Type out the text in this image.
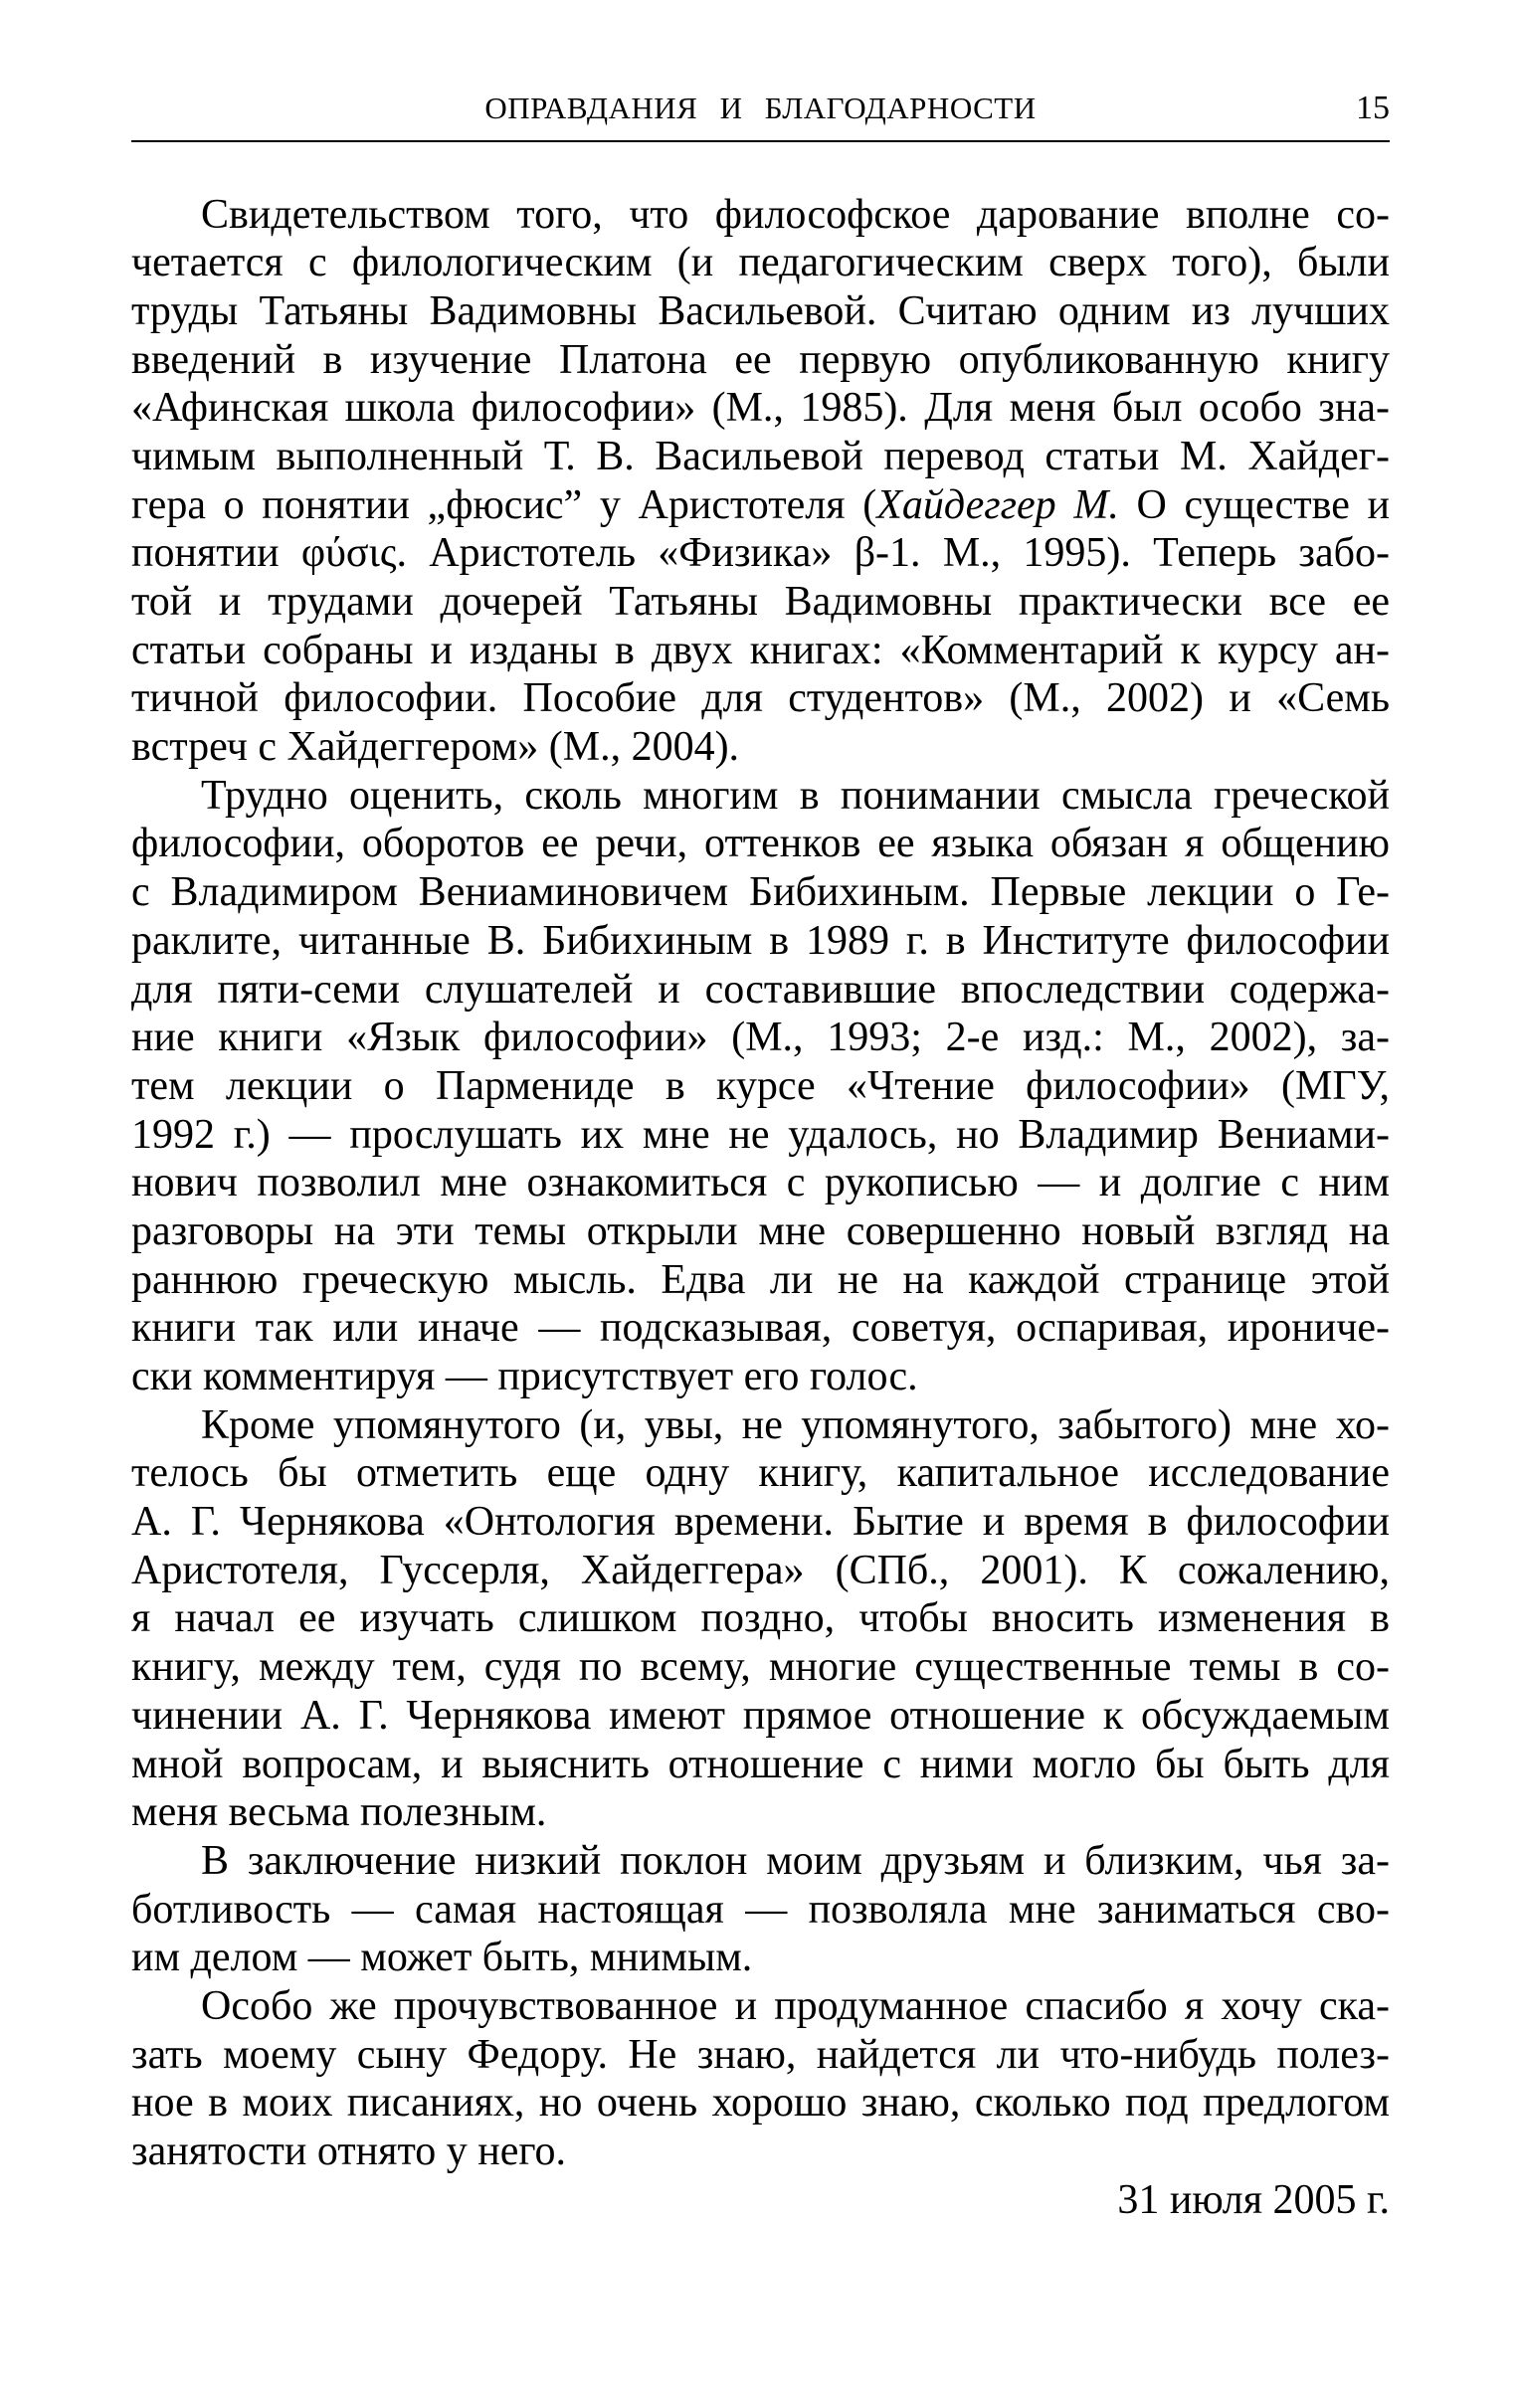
ОПРАВДАНИЯ И БЛАГОДАРНОСТИ	15
Свидетельством того, что философское дарование вполне со-
четается с филологическим (и педагогическим сверх того), были
труды Татьяны Вадимовны Васильевой. Считаю одним из лучших
введений в изучение Платона ее первую опубликованную книгу
«Афинская школа философии» (М., 1985). Для меня был особо зна-
чимым выполненный Т. В. Васильевой перевод статьи М. Хайдег-
гера о понятии „фюсис” у Аристотеля (Хайдеггер М. О существе и
понятии φύσις. Аристотель «Физика» β-1. М., 1995). Теперь забо-
той и трудами дочерей Татьяны Вадимовны практически все ее
статьи собраны и изданы в двух книгах: «Комментарий к курсу ан-
тичной философии. Пособие для студентов» (М., 2002) и «Семь
встреч с Хайдеггером» (М., 2004).
Трудно оценить, сколь многим в понимании смысла греческой
философии, оборотов ее речи, оттенков ее языка обязан я общению
с Владимиром Вениаминовичем Бибихиным. Первые лекции о Ге-
раклите, читанные В. Бибихиным в 1989 г. в Институте философии
для пяти-семи слушателей и составившие впоследствии содержа-
ние книги «Язык философии» (М., 1993; 2-е изд.: М., 2002), за-
тем лекции о Пармениде в курсе «Чтение философии» (МГУ,
1992 г.) — прослушать их мне не удалось, но Владимир Вениами-
нович позволил мне ознакомиться с рукописью — и долгие с ним
разговоры на эти темы открыли мне совершенно новый взгляд на
раннюю греческую мысль. Едва ли не на каждой странице этой
книги так или иначе — подсказывая, советуя, оспаривая, ирониче-
ски комментируя — присутствует его голос.
Кроме упомянутого (и, увы, не упомянутого, забытого) мне хо-
телось бы отметить еще одну книгу, капитальное исследование
А. Г. Чернякова «Онтология времени. Бытие и время в философии
Аристотеля, Гуссерля, Хайдеггера» (СПб., 2001). К сожалению,
я начал ее изучать слишком поздно, чтобы вносить изменения в
книгу, между тем, судя по всему, многие существенные темы в со-
чинении А. Г. Чернякова имеют прямое отношение к обсуждаемым
мной вопросам, и выяснить отношение с ними могло бы быть для
меня весьма полезным.
В заключение низкий поклон моим друзьям и близким, чья за-
ботливость — самая настоящая — позволяла мне заниматься сво-
им делом — может быть, мнимым.
Особо же прочувствованное и продуманное спасибо я хочу ска-
зать моему сыну Федору. Не знаю, найдется ли что-нибудь полез-
ное в моих писаниях, но очень хорошо знаю, сколько под предлогом
занятости отнято у него.
31 июля 2005 г.
